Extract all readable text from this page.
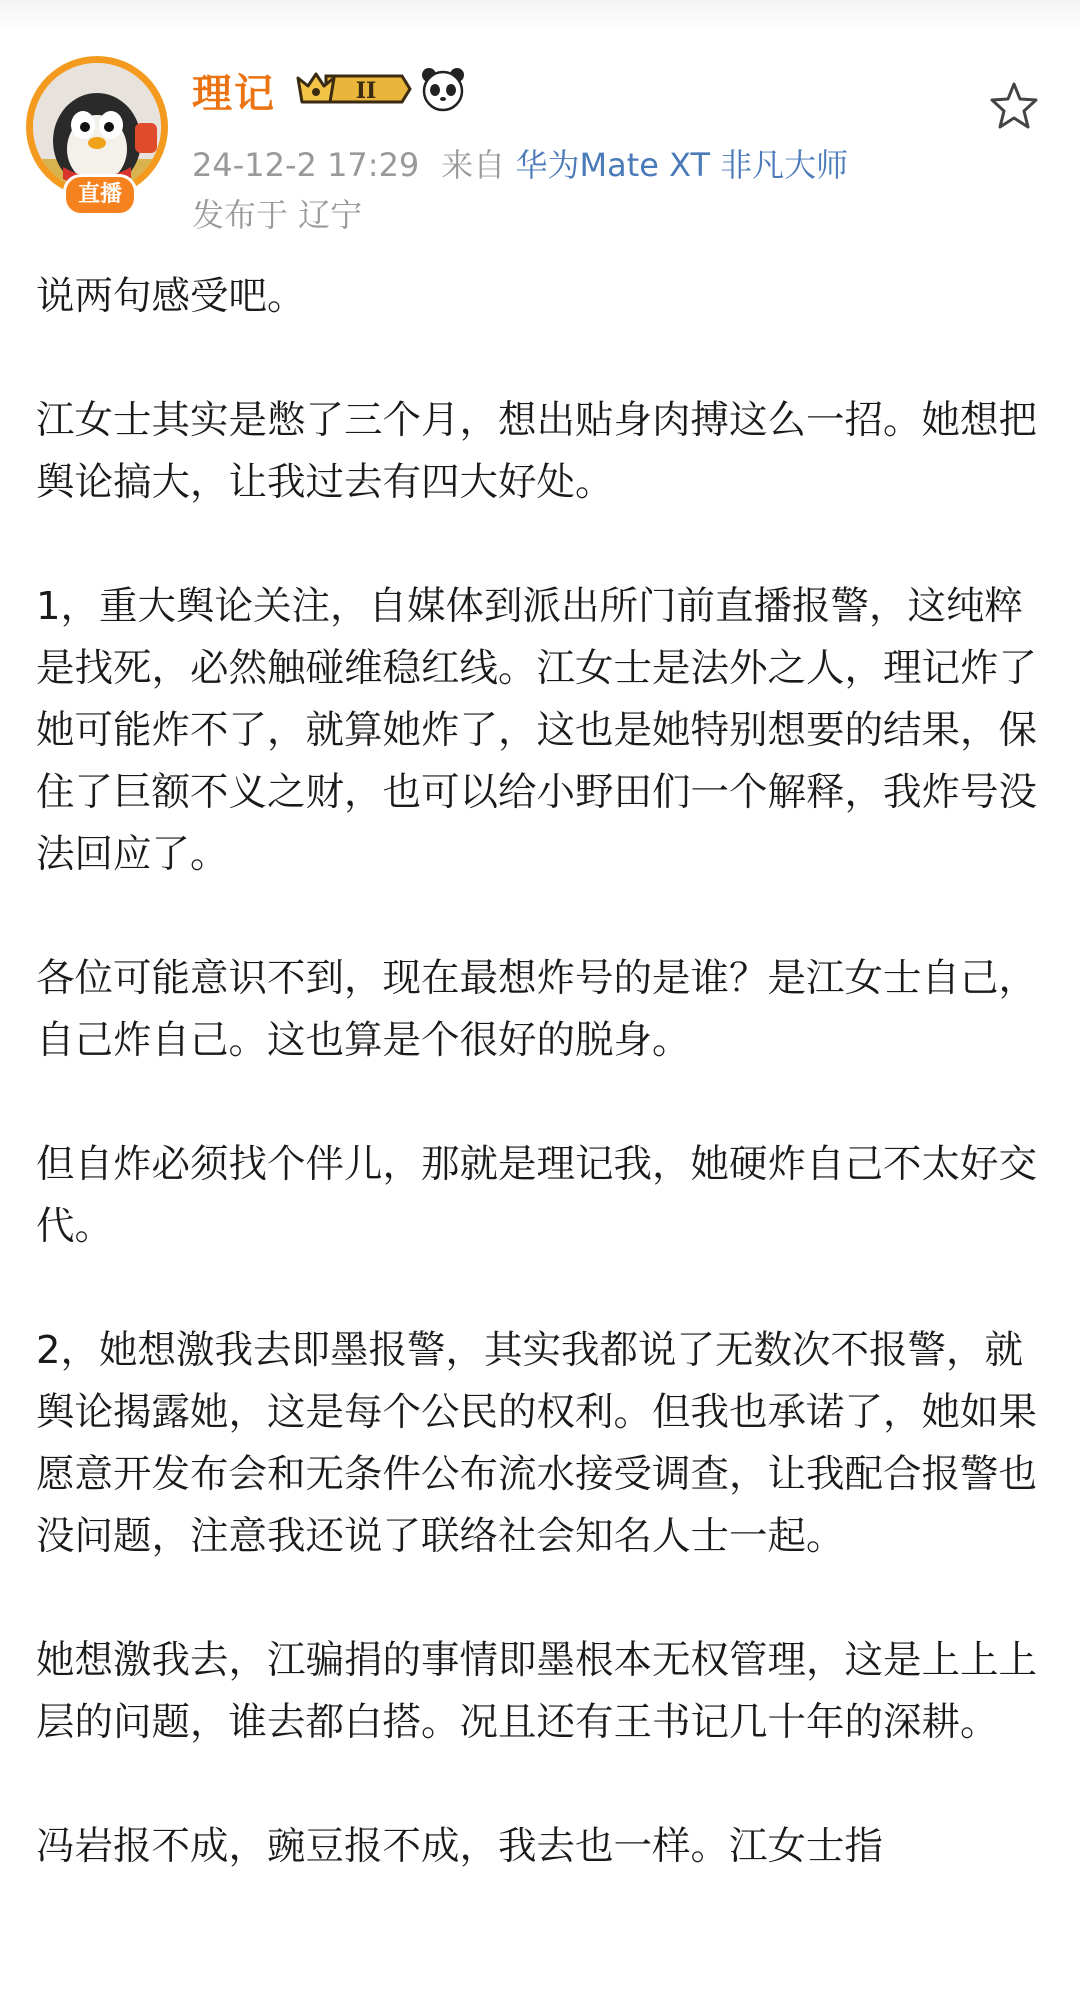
直播
理记	II
24-12-2 17:29 来自 华为Mate XT 非凡大师
发布于 辽宁

说两句感受吧。

江女士其实是憋了三个月，想出贴身肉搏这么一招。她想把舆论搞大，让我过去有四大好处。

1，重大舆论关注，自媒体到派出所门前直播报警，这纯粹是找死，必然触碰维稳红线。江女士是法外之人，理记炸了她可能炸不了，就算她炸了，这也是她特别想要的结果，保住了巨额不义之财，也可以给小野田们一个解释，我炸号没法回应了。

各位可能意识不到，现在最想炸号的是谁？是江女士自己，自己炸自己。这也算是个很好的脱身。

但自炸必须找个伴儿，那就是理记我，她硬炸自己不太好交代。

2，她想激我去即墨报警，其实我都说了无数次不报警，就舆论揭露她，这是每个公民的权利。但我也承诺了，她如果愿意开发布会和无条件公布流水接受调查，让我配合报警也没问题，注意我还说了联络社会知名人士一起。

她想激我去，江骗捐的事情即墨根本无权管理，这是上上上层的问题，谁去都白搭。况且还有王书记几十年的深耕。

冯岩报不成，豌豆报不成，我去也一样。江女士指
